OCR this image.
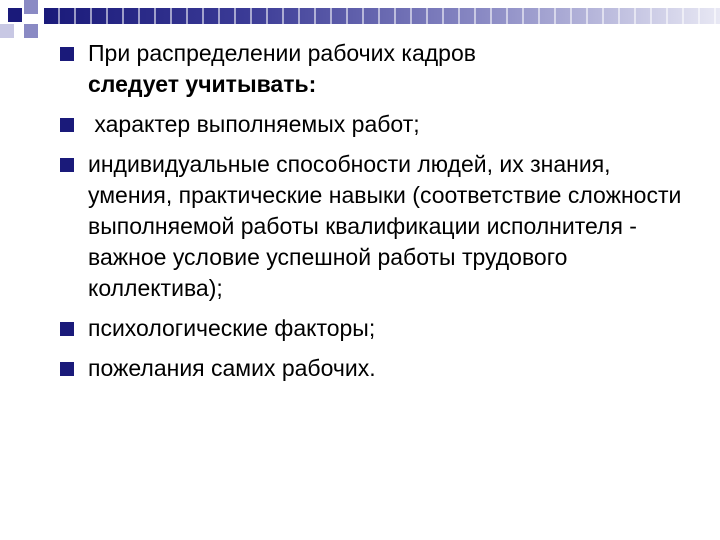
При распределении рабочих кадров
следует учитывать:
характер выполняемых работ;
индивидуальные способности людей, их знания, умения, практические навыки (соответствие сложности выполняемой работы квалификации исполнителя - важное условие успешной работы трудового коллектива);
психологические факторы;
пожелания самих рабочих.
